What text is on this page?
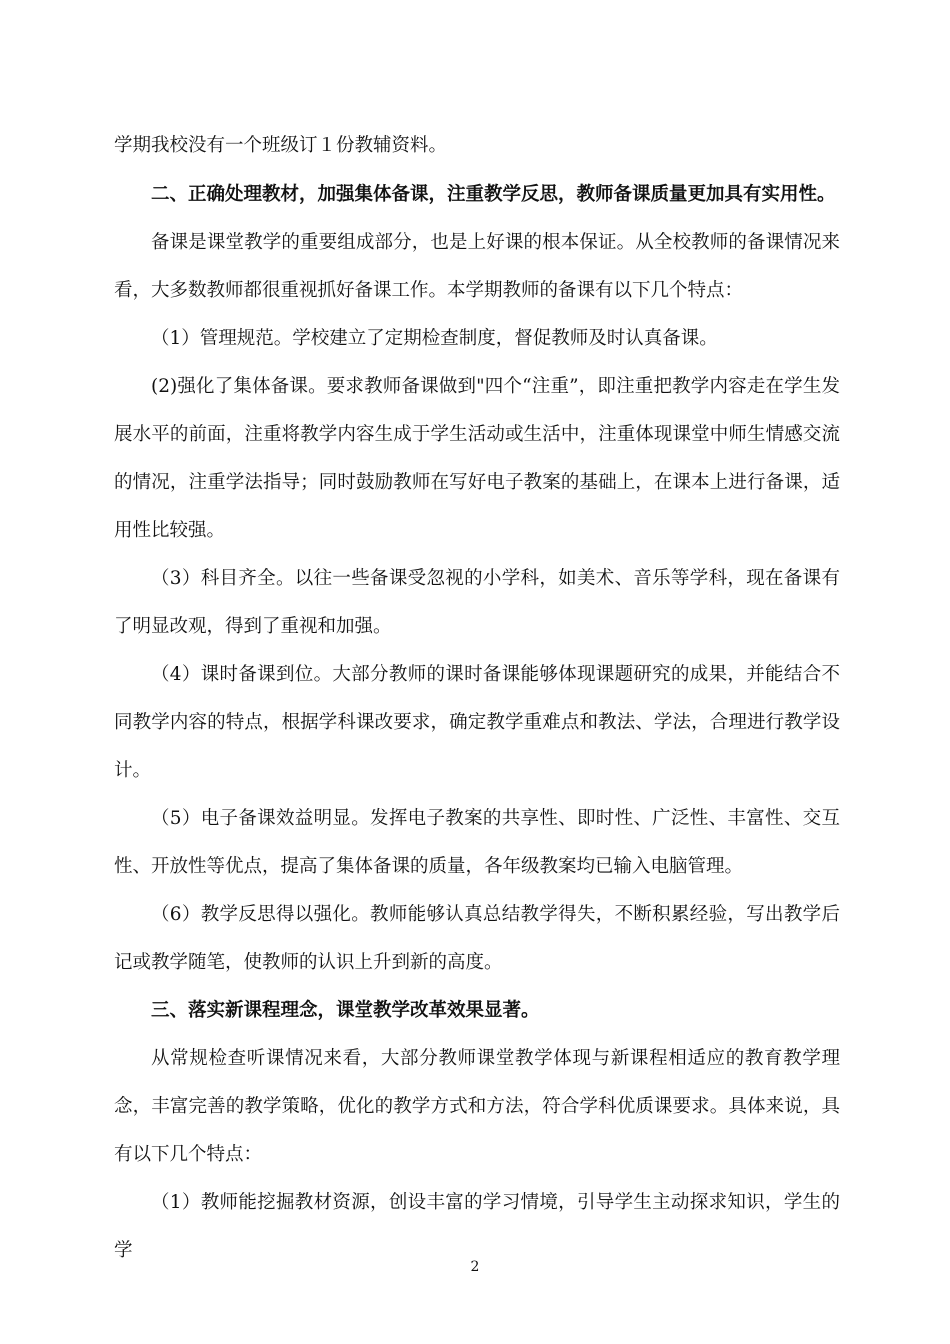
学期我校没有一个班级订１份教辅资料。

二、正确处理教材，加强集体备课，注重教学反思，教师备课质量更加具有实用性。

备课是课堂教学的重要组成部分，也是上好课的根本保证。从全校教师的备课情况来看，大多数教师都很重视抓好备课工作。本学期教师的备课有以下几个特点：

（1）管理规范。学校建立了定期检查制度，督促教师及时认真备课。

(2)强化了集体备课。要求教师备课做到"四个“注重”，即注重把教学内容走在学生发展水平的前面，注重将教学内容生成于学生活动或生活中，注重体现课堂中师生情感交流的情况，注重学法指导；同时鼓励教师在写好电子教案的基础上，在课本上进行备课，适用性比较强。

（3）科目齐全。以往一些备课受忽视的小学科，如美术、音乐等学科，现在备课有了明显改观，得到了重视和加强。

（4）课时备课到位。大部分教师的课时备课能够体现课题研究的成果，并能结合不同教学内容的特点，根据学科课改要求，确定教学重难点和教法、学法，合理进行教学设计。

（5）电子备课效益明显。发挥电子教案的共享性、即时性、广泛性、丰富性、交互性、开放性等优点，提高了集体备课的质量，各年级教案均已输入电脑管理。

（6）教学反思得以强化。教师能够认真总结教学得失，不断积累经验，写出教学后记或教学随笔，使教师的认识上升到新的高度。

三、落实新课程理念，课堂教学改革效果显著。

从常规检查听课情况来看，大部分教师课堂教学体现与新课程相适应的教育教学理念，丰富完善的教学策略，优化的教学方式和方法，符合学科优质课要求。具体来说，具有以下几个特点：

（1）教师能挖掘教材资源，创设丰富的学习情境，引导学生主动探求知识，学生的学

2
